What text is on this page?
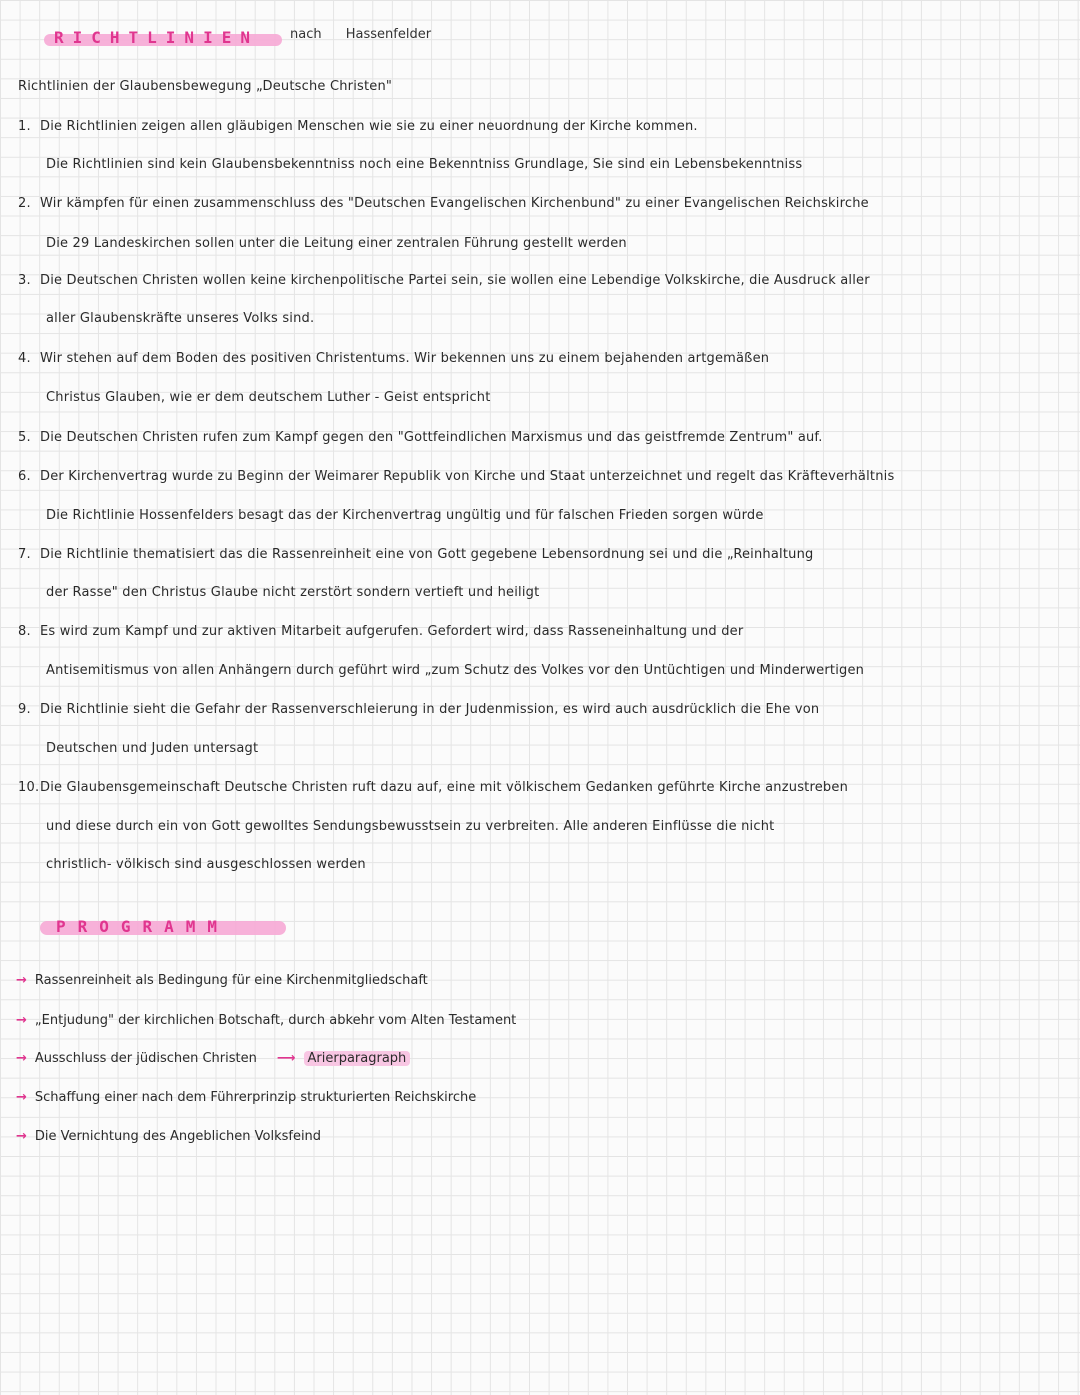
RICHTLINIEN nach Hassenfelder
Richtlinien der Glaubensbewegung „Deutsche Christen"
1. Die Richtlinien zeigen allen gläubigen Menschen wie sie zu einer neuordnung der Kirche kommen.
Die Richtlinien sind kein Glaubensbekenntniss noch eine Bekenntniss Grundlage, Sie sind ein Lebensbekenntniss
2. Wir kämpfen für einen zusammenschluss des "Deutschen Evangelischen Kirchenbund" zu einer Evangelischen Reichskirche
Die 29 Landeskirchen sollen unter die Leitung einer zentralen Führung gestellt werden
3. Die Deutschen Christen wollen keine kirchenpolitische Partei sein, sie wollen eine Lebendige Volkskirche, die Ausdruck aller
aller Glaubenskräfte unseres Volks sind.
4. Wir stehen auf dem Boden des positiven Christentums. Wir bekennen uns zu einem bejahenden artgemäßen
Christus Glauben, wie er dem deutschem Luther - Geist entspricht
5. Die Deutschen Christen rufen zum Kampf gegen den "Gottfeindlichen Marxismus und das geistfremde Zentrum" auf.
6. Der Kirchenvertrag wurde zu Beginn der Weimarer Republik von Kirche und Staat unterzeichnet und regelt das Kräfteverhältnis
Die Richtlinie Hossenfelders besagt das der Kirchenvertrag ungültig und für falschen Frieden sorgen würde
7. Die Richtlinie thematisiert das die Rassenreinheit eine von Gott gegebene Lebensordnung sei und die „Reinhaltung
der Rasse" den Christus Glaube nicht zerstört sondern vertieft und heiligt
8. Es wird zum Kampf und zur aktiven Mitarbeit aufgerufen. Gefordert wird, dass Rasseneinhaltung und der
Antisemitismus von allen Anhängern durch geführt wird „zum Schutz des Volkes vor den Untüchtigen und Minderwertigen
9. Die Richtlinie sieht die Gefahr der Rassenverschleierung in der Judenmission, es wird auch ausdrücklich die Ehe von
Deutschen und Juden untersagt
10.Die Glaubensgemeinschaft Deutsche Christen ruft dazu auf, eine mit völkischem Gedanken geführte Kirche anzustreben
und diese durch ein von Gott gewolltes Sendungsbewusstsein zu verbreiten. Alle anderen Einflüsse die nicht
christlich- völkisch sind ausgeschlossen werden
PROGRAMM
→ Rassenreinheit als Bedingung für eine Kirchenmitgliedschaft
→ „Entjudung" der kirchlichen Botschaft, durch abkehr vom Alten Testament
→ Ausschluss der jüdischen Christen ⟶ Arierparagraph
→ Schaffung einer nach dem Führerprinzip strukturierten Reichskirche
→ Die Vernichtung des Angeblichen Volksfeind
